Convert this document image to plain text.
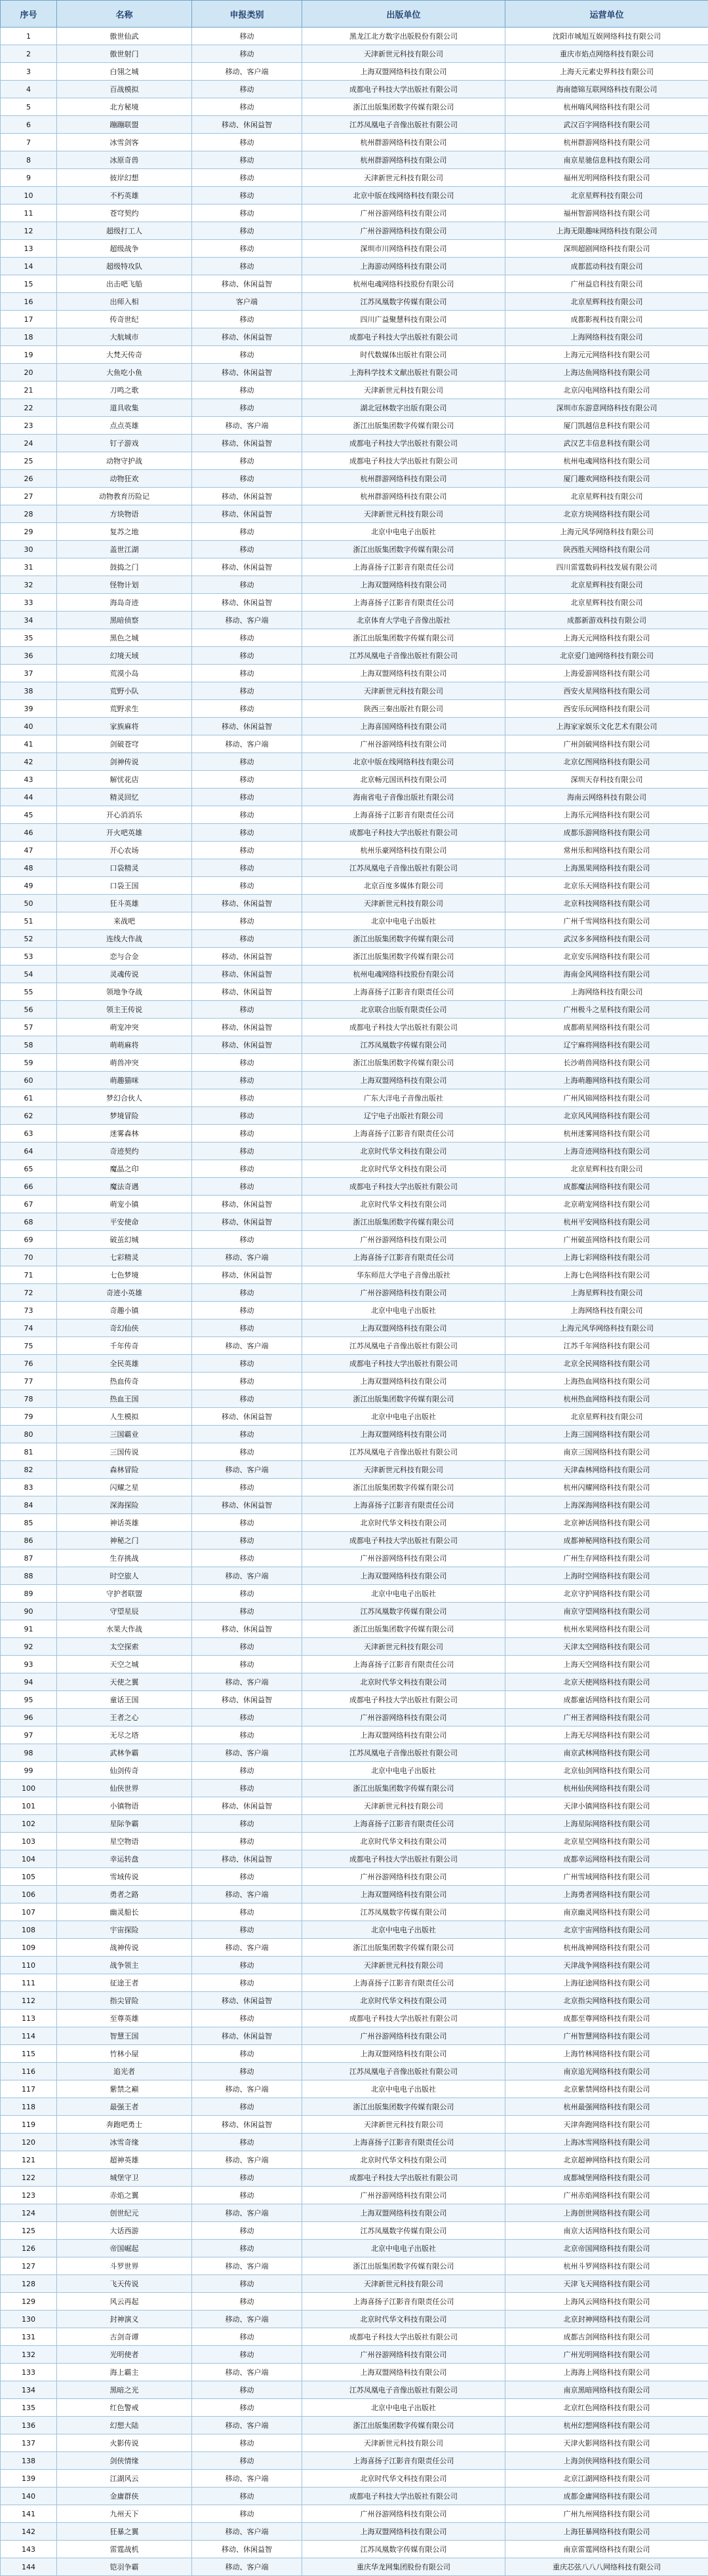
序号	名称	申报类别	出版单位	运营单位
1	傲世仙武	移动	黑龙江北方数字出版股份有限公司	沈阳市城旭互娱网络科技有限公司
2	傲世射门	移动	天津新世元科技有限公司	重庆市焰点网络科技有限公司
3	白翎之城	移动、客户端	上海双盟网络科技有限公司	上海天元素史界科技有限公司
4	百战模拟	移动	成都电子科技大学出版社有限公司	海南德锦互联网络科技有限公司
5	北方秘境	移动	浙江出版集团数字传媒有限公司	杭州嗨风网络科技有限公司
6	蹦蹦联盟	移动、休闲益智	江苏凤凰电子音像出版社有限公司	武汉百字网络科技有限公司
7	冰雪剑客	移动	杭州群游网络科技有限公司	杭州群游网络科技有限公司
8	冰原奇兽	移动	杭州群游网络科技有限公司	南京星驰信息科技有限公司
9	彼岸幻想	移动	天津新世元科技有限公司	福州光明网络科技有限公司
10	不朽英雄	移动	北京中版在线网络科技有限公司	北京星辉科技有限公司
11	苍穹契约	移动	广州谷游网络科技有限公司	福州智游网络科技有限公司
12	超级打工人	移动	广州谷游网络科技有限公司	上海无限趣味网络科技有限公司
13	超级战争	移动	深圳市川网络科技有限公司	深圳超剧网络科技有限公司
14	超级特攻队	移动	上海游动网络科技有限公司	成都蓝动科技有限公司
15	出击吧飞船	移动、休闲益智	杭州电魂网络科技股份有限公司	广州益启科技有限公司
16	出师入相	客户端	江苏凤凰数字传媒有限公司	北京星辉科技有限公司
17	传奇世纪	移动	四川广益聚慧科技有限公司	成都影视科技有限公司
18	大航城市	移动、休闲益智	成都电子科技大学出版社有限公司	上海网络科技有限公司
19	大梵天传奇	移动	时代数媒体出版社有限公司	上海元元网络科技有限公司
20	大鱼吃小鱼	移动、休闲益智	上海科学技术文献出版社有限公司	上海达鱼网络科技有限公司
21	刀鸣之歌	移动	天津新世元科技有限公司	北京闪电网络科技有限公司
22	道具收集	移动	湖北冠林数字出版有限公司	深圳市东游意网络科技有限公司
23	点点英雄	移动、客户端	浙江出版集团数字传媒有限公司	厦门凯越信息科技有限公司
24	钉子游戏	移动、休闲益智	成都电子科技大学出版社有限公司	武汉艺丰信息科技有限公司
25	动物守护战	移动	成都电子科技大学出版社有限公司	杭州电魂网络科技有限公司
26	动物狂欢	移动	杭州群游网络科技有限公司	厦门趣欢网络科技有限公司
27	动物教育历险记	移动、休闲益智	杭州群游网络科技有限公司	北京星辉科技有限公司
28	方块物语	移动、休闲益智	天津新世元科技有限公司	北京方块网络科技有限公司
29	复苏之地	移动	北京中电电子出版社	上海元风华网络科技有限公司
30	盖世江湖	移动	浙江出版集团数字传媒有限公司	陕西胜天网络科技有限公司
31	鼓捣之门	移动、休闲益智	上海喜扬子江影音有限责任公司	四川雷霆数码科技发展有限公司
32	怪物计划	移动	上海双盟网络科技有限公司	北京星辉科技有限公司
33	海岛奇迹	移动、休闲益智	上海喜扬子江影音有限责任公司	北京星辉科技有限公司
34	黑暗侦察	移动、客户端	北京体育大学电子音像出版社	成都新游戏科技有限公司
35	黑色之城	移动	浙江出版集团数字传媒有限公司	上海天元网络科技有限公司
36	幻境天域	移动	江苏凤凰电子音像出版社有限公司	北京爱门迪网络科技有限公司
37	荒漠小岛	移动	上海双盟网络科技有限公司	上海爱游网络科技有限公司
38	荒野小队	移动	天津新世元科技有限公司	西安火星网络科技有限公司
39	荒野求生	移动	陕西三秦出版社有限公司	西安乐玩网络科技有限公司
40	家族麻将	移动、休闲益智	上海喜国网络科技有限公司	上海家家娱乐文化艺术有限公司
41	剑破苍穹	移动、客户端	广州谷游网络科技有限公司	广州剑破网络科技有限公司
42	剑神传说	移动	北京中版在线网络科技有限公司	北京亿图网络科技有限公司
43	解忧花店	移动	北京畅元国讯科技有限公司	深圳天存科技有限公司
44	精灵回忆	移动	海南省电子音像出版社有限公司	海南云网络科技有限公司
45	开心消消乐	移动	上海喜扬子江影音有限责任公司	上海乐元网络科技有限公司
46	开火吧英雄	移动	成都电子科技大学出版社有限公司	成都乐游网络科技有限公司
47	开心农场	移动	杭州乐豪网络科技有限公司	常州乐和网络科技有限公司
48	口袋精灵	移动	江苏凤凰电子音像出版社有限公司	上海黑果网络科技有限公司
49	口袋王国	移动	北京百度多媒体有限公司	北京乐天网络科技有限公司
50	狂斗英雄	移动、休闲益智	天津新世元科技有限公司	北京科技网络科技有限公司
51	来战吧	移动	北京中电电子出版社	广州千雪网络科技有限公司
52	连线大作战	移动	浙江出版集团数字传媒有限公司	武汉多多网络科技有限公司
53	恋与合金	移动、休闲益智	浙江出版集团数字传媒有限公司	北京安乐网络科技有限公司
54	灵魂传说	移动、休闲益智	杭州电魂网络科技股份有限公司	海南金风网络科技有限公司
55	领地争夺战	移动、休闲益智	上海喜扬子江影音有限责任公司	上海网络科技有限公司
56	领主王传说	移动	北京联合出版有限责任公司	广州极斗之星科技有限公司
57	萌宠冲突	移动、休闲益智	成都电子科技大学出版社有限公司	成都萌星网络科技有限公司
58	萌萌麻将	移动、休闲益智	江苏凤凰数字传媒有限公司	辽宁麻将网络科技有限公司
59	萌兽冲突	移动	浙江出版集团数字传媒有限公司	长沙萌兽网络科技有限公司
60	萌趣猫咪	移动	上海双盟网络科技有限公司	上海萌趣网络科技有限公司
61	梦幻合伙人	移动	广东大洋电子音像出版社	广州风锦网络科技有限公司
62	梦境冒险	移动	辽宁电子出版社有限公司	北京风风网络科技有限公司
63	迷雾森林	移动	上海喜扬子江影音有限责任公司	杭州迷雾网络科技有限公司
64	奇迹契约	移动	北京时代华文科技有限公司	上海奇迹网络科技有限公司
65	魔晶之印	移动	北京时代华文科技有限公司	北京星辉科技有限公司
66	魔法奇遇	移动	成都电子科技大学出版社有限公司	成都魔法网络科技有限公司
67	萌宠小镇	移动、休闲益智	北京时代华文科技有限公司	北京萌宠网络科技有限公司
68	平安使命	移动、休闲益智	浙江出版集团数字传媒有限公司	杭州平安网络科技有限公司
69	破茧幻城	移动	广州谷游网络科技有限公司	广州破茧网络科技有限公司
70	七彩精灵	移动、客户端	上海喜扬子江影音有限责任公司	上海七彩网络科技有限公司
71	七色梦境	移动、休闲益智	华东师范大学电子音像出版社	上海七色网络科技有限公司
72	奇迹小英雄	移动	广州谷游网络科技有限公司	上海星辉科技有限公司
73	奇趣小镇	移动	北京中电电子出版社	上海网络科技有限公司
74	奇幻仙侠	移动	上海双盟网络科技有限公司	上海元风华网络科技有限公司
75	千年传奇	移动、客户端	江苏凤凰电子音像出版社有限公司	江苏千年网络科技有限公司
76	全民英雄	移动	成都电子科技大学出版社有限公司	北京全民网络科技有限公司
77	热血传奇	移动	上海双盟网络科技有限公司	上海热血网络科技有限公司
78	热血王国	移动	浙江出版集团数字传媒有限公司	杭州热血网络科技有限公司
79	人生模拟	移动、休闲益智	北京中电电子出版社	北京星辉科技有限公司
80	三国霸业	移动	上海双盟网络科技有限公司	上海三国网络科技有限公司
81	三国传说	移动	江苏凤凰电子音像出版社有限公司	南京三国网络科技有限公司
82	森林冒险	移动、客户端	天津新世元科技有限公司	天津森林网络科技有限公司
83	闪耀之星	移动	浙江出版集团数字传媒有限公司	杭州闪耀网络科技有限公司
84	深海探险	移动、休闲益智	上海喜扬子江影音有限责任公司	上海深海网络科技有限公司
85	神话英雄	移动	北京时代华文科技有限公司	北京神话网络科技有限公司
86	神秘之门	移动	成都电子科技大学出版社有限公司	成都神秘网络科技有限公司
87	生存挑战	移动	广州谷游网络科技有限公司	广州生存网络科技有限公司
88	时空旅人	移动、客户端	上海双盟网络科技有限公司	上海时空网络科技有限公司
89	守护者联盟	移动	北京中电电子出版社	北京守护网络科技有限公司
90	守望星辰	移动	江苏凤凰数字传媒有限公司	南京守望网络科技有限公司
91	水果大作战	移动、休闲益智	浙江出版集团数字传媒有限公司	杭州水果网络科技有限公司
92	太空探索	移动	天津新世元科技有限公司	天津太空网络科技有限公司
93	天空之城	移动	上海喜扬子江影音有限责任公司	上海天空网络科技有限公司
94	天使之翼	移动、客户端	北京时代华文科技有限公司	北京天使网络科技有限公司
95	童话王国	移动、休闲益智	成都电子科技大学出版社有限公司	成都童话网络科技有限公司
96	王者之心	移动	广州谷游网络科技有限公司	广州王者网络科技有限公司
97	无尽之塔	移动	上海双盟网络科技有限公司	上海无尽网络科技有限公司
98	武林争霸	移动、客户端	江苏凤凰电子音像出版社有限公司	南京武林网络科技有限公司
99	仙剑传奇	移动	北京中电电子出版社	北京仙剑网络科技有限公司
100	仙侠世界	移动	浙江出版集团数字传媒有限公司	杭州仙侠网络科技有限公司
101	小镇物语	移动、休闲益智	天津新世元科技有限公司	天津小镇网络科技有限公司
102	星际争霸	移动	上海喜扬子江影音有限责任公司	上海星际网络科技有限公司
103	星空物语	移动	北京时代华文科技有限公司	北京星空网络科技有限公司
104	幸运转盘	移动、休闲益智	成都电子科技大学出版社有限公司	成都幸运网络科技有限公司
105	雪域传说	移动	广州谷游网络科技有限公司	广州雪域网络科技有限公司
106	勇者之路	移动、客户端	上海双盟网络科技有限公司	上海勇者网络科技有限公司
107	幽灵船长	移动	江苏凤凰数字传媒有限公司	南京幽灵网络科技有限公司
108	宇宙探险	移动	北京中电电子出版社	北京宇宙网络科技有限公司
109	战神传说	移动、客户端	浙江出版集团数字传媒有限公司	杭州战神网络科技有限公司
110	战争领主	移动	天津新世元科技有限公司	天津战争网络科技有限公司
111	征途王者	移动	上海喜扬子江影音有限责任公司	上海征途网络科技有限公司
112	指尖冒险	移动、休闲益智	北京时代华文科技有限公司	北京指尖网络科技有限公司
113	至尊英雄	移动	成都电子科技大学出版社有限公司	成都至尊网络科技有限公司
114	智慧王国	移动、休闲益智	广州谷游网络科技有限公司	广州智慧网络科技有限公司
115	竹林小屋	移动	上海双盟网络科技有限公司	上海竹林网络科技有限公司
116	追光者	移动	江苏凤凰电子音像出版社有限公司	南京追光网络科技有限公司
117	紫禁之巅	移动、客户端	北京中电电子出版社	北京紫禁网络科技有限公司
118	最强王者	移动	浙江出版集团数字传媒有限公司	杭州最强网络科技有限公司
119	奔跑吧勇士	移动、休闲益智	天津新世元科技有限公司	天津奔跑网络科技有限公司
120	冰雪奇缘	移动	上海喜扬子江影音有限责任公司	上海冰雪网络科技有限公司
121	超神英雄	移动、客户端	北京时代华文科技有限公司	北京超神网络科技有限公司
122	城堡守卫	移动	成都电子科技大学出版社有限公司	成都城堡网络科技有限公司
123	赤焰之翼	移动	广州谷游网络科技有限公司	广州赤焰网络科技有限公司
124	创世纪元	移动、客户端	上海双盟网络科技有限公司	上海创世网络科技有限公司
125	大话西游	移动	江苏凤凰数字传媒有限公司	南京大话网络科技有限公司
126	帝国崛起	移动	北京中电电子出版社	北京帝国网络科技有限公司
127	斗罗世界	移动、客户端	浙江出版集团数字传媒有限公司	杭州斗罗网络科技有限公司
128	飞天传说	移动	天津新世元科技有限公司	天津飞天网络科技有限公司
129	风云再起	移动	上海喜扬子江影音有限责任公司	上海风云网络科技有限公司
130	封神演义	移动、客户端	北京时代华文科技有限公司	北京封神网络科技有限公司
131	古剑奇谭	移动	成都电子科技大学出版社有限公司	成都古剑网络科技有限公司
132	光明使者	移动	广州谷游网络科技有限公司	广州光明网络科技有限公司
133	海上霸主	移动、客户端	上海双盟网络科技有限公司	上海海上网络科技有限公司
134	黑暗之光	移动	江苏凤凰电子音像出版社有限公司	南京黑暗网络科技有限公司
135	红色警戒	移动	北京中电电子出版社	北京红色网络科技有限公司
136	幻想大陆	移动、客户端	浙江出版集团数字传媒有限公司	杭州幻想网络科技有限公司
137	火影传说	移动	天津新世元科技有限公司	天津火影网络科技有限公司
138	剑侠情缘	移动	上海喜扬子江影音有限责任公司	上海剑侠网络科技有限公司
139	江湖风云	移动、客户端	北京时代华文科技有限公司	北京江湖网络科技有限公司
140	金庸群侠	移动	成都电子科技大学出版社有限公司	成都金庸网络科技有限公司
141	九州天下	移动	广州谷游网络科技有限公司	广州九州网络科技有限公司
142	狂暴之翼	移动、客户端	上海双盟网络科技有限公司	上海狂暴网络科技有限公司
143	雷霆战机	移动、休闲益智	江苏凤凰数字传媒有限公司	南京雷霆网络科技有限公司
144	铠羽争霸	移动、客户端	重庆华龙网集团股份有限公司	重庆芯弦八八八网络科技有限公司
